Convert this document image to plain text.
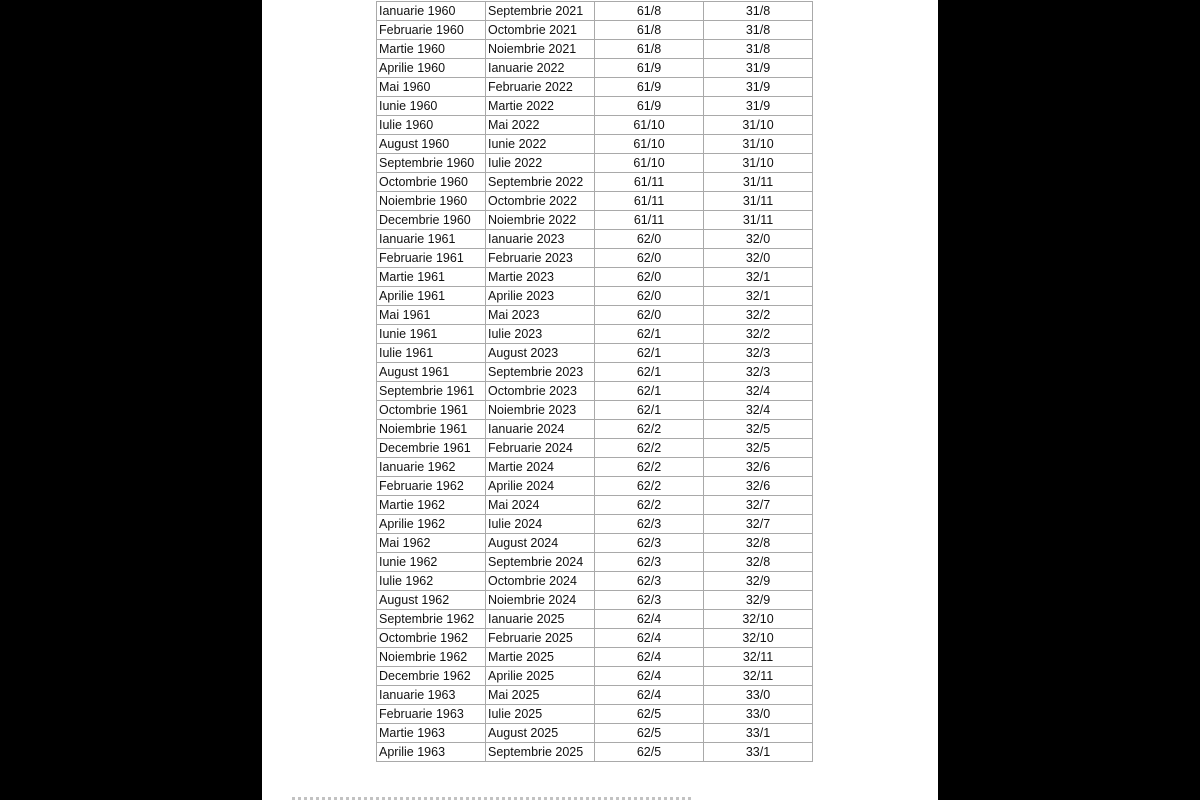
Ianuarie 1960	Septembrie 2021	61/8	31/8
Februarie 1960	Octombrie 2021	61/8	31/8
Martie 1960	Noiembrie 2021	61/8	31/8
Aprilie 1960	Ianuarie 2022	61/9	31/9
Mai 1960	Februarie 2022	61/9	31/9
Iunie 1960	Martie 2022	61/9	31/9
Iulie 1960	Mai 2022	61/10	31/10
August 1960	Iunie 2022	61/10	31/10
Septembrie 1960	Iulie 2022	61/10	31/10
Octombrie 1960	Septembrie 2022	61/11	31/11
Noiembrie 1960	Octombrie 2022	61/11	31/11
Decembrie 1960	Noiembrie 2022	61/11	31/11
Ianuarie 1961	Ianuarie 2023	62/0	32/0
Februarie 1961	Februarie 2023	62/0	32/0
Martie 1961	Martie 2023	62/0	32/1
Aprilie 1961	Aprilie 2023	62/0	32/1
Mai 1961	Mai 2023	62/0	32/2
Iunie 1961	Iulie 2023	62/1	32/2
Iulie 1961	August 2023	62/1	32/3
August 1961	Septembrie 2023	62/1	32/3
Septembrie 1961	Octombrie 2023	62/1	32/4
Octombrie 1961	Noiembrie 2023	62/1	32/4
Noiembrie 1961	Ianuarie 2024	62/2	32/5
Decembrie 1961	Februarie 2024	62/2	32/5
Ianuarie 1962	Martie 2024	62/2	32/6
Februarie 1962	Aprilie 2024	62/2	32/6
Martie 1962	Mai 2024	62/2	32/7
Aprilie 1962	Iulie 2024	62/3	32/7
Mai 1962	August 2024	62/3	32/8
Iunie 1962	Septembrie 2024	62/3	32/8
Iulie 1962	Octombrie 2024	62/3	32/9
August 1962	Noiembrie 2024	62/3	32/9
Septembrie 1962	Ianuarie 2025	62/4	32/10
Octombrie 1962	Februarie 2025	62/4	32/10
Noiembrie 1962	Martie 2025	62/4	32/11
Decembrie 1962	Aprilie 2025	62/4	32/11
Ianuarie 1963	Mai 2025	62/4	33/0
Februarie 1963	Iulie 2025	62/5	33/0
Martie 1963	August 2025	62/5	33/1
Aprilie 1963	Septembrie 2025	62/5	33/1
